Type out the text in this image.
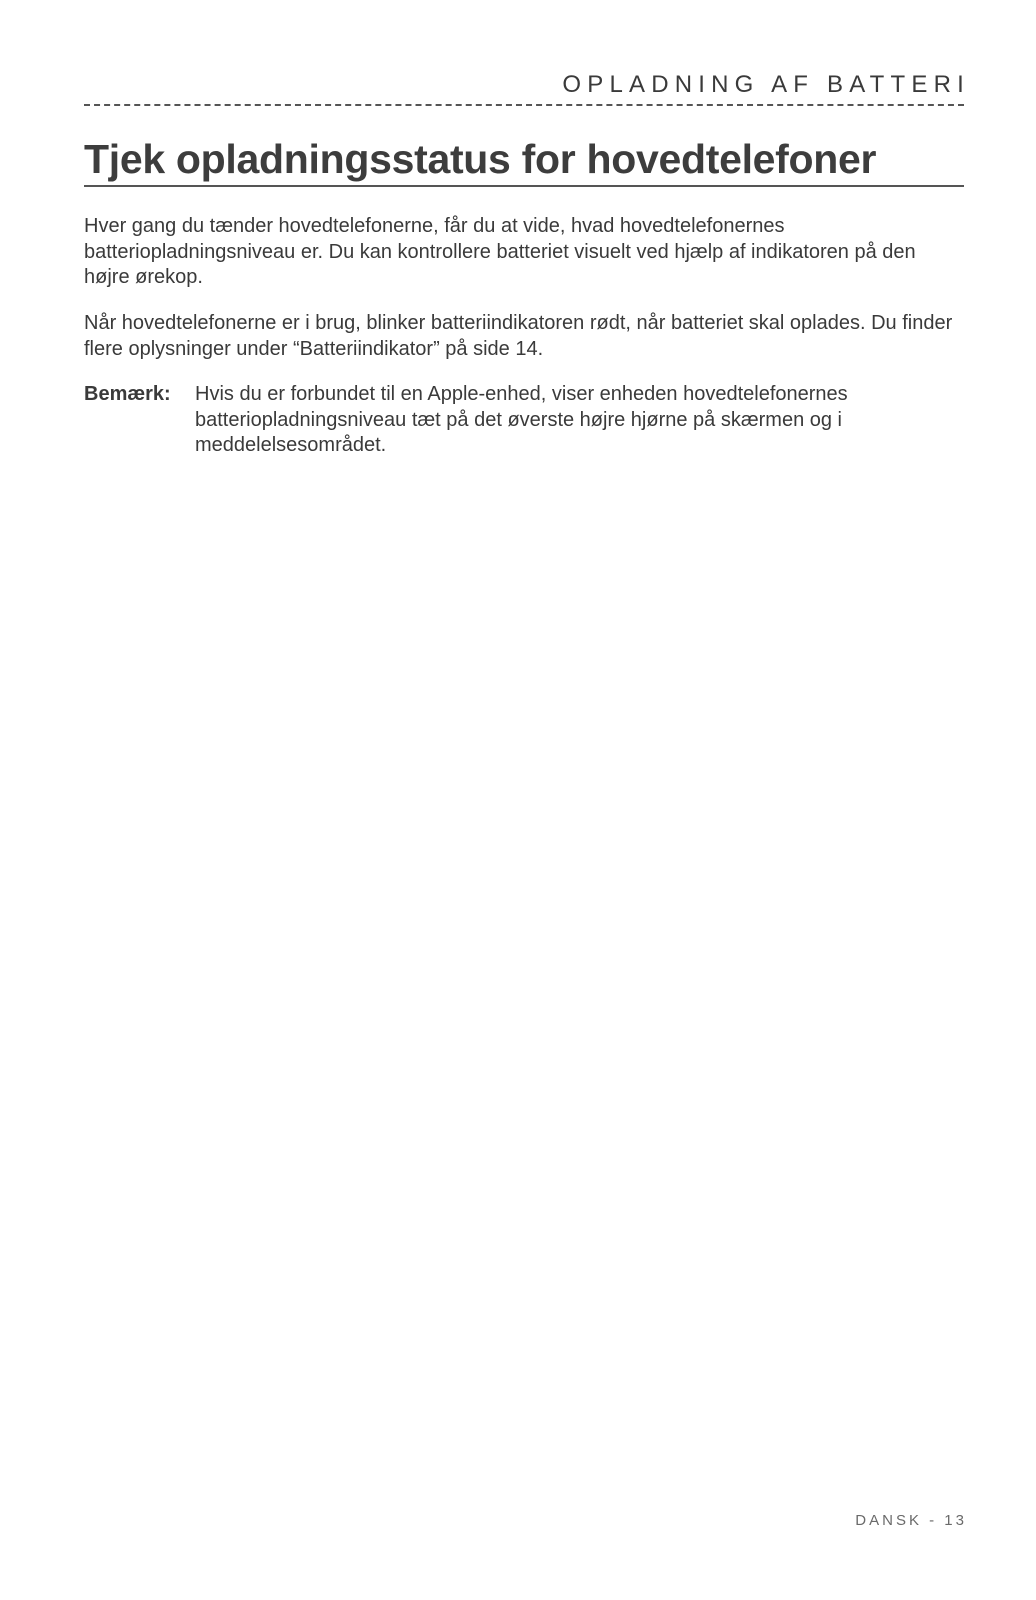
OPLADNING AF BATTERI
Tjek opladningsstatus for hovedtelefoner

Hver gang du tænder hovedtelefonerne, får du at vide, hvad hovedtelefonernes batteriopladningsniveau er. Du kan kontrollere batteriet visuelt ved hjælp af indikatoren på den højre ørekop.

Når hovedtelefonerne er i brug, blinker batteriindikatoren rødt, når batteriet skal oplades. Du finder flere oplysninger under “Batteriindikator” på side 14.

Bemærk: Hvis du er forbundet til en Apple-enhed, viser enheden hovedtelefonernes batteriopladningsniveau tæt på det øverste højre hjørne på skærmen og i meddelelsesområdet.

DANSK - 13
